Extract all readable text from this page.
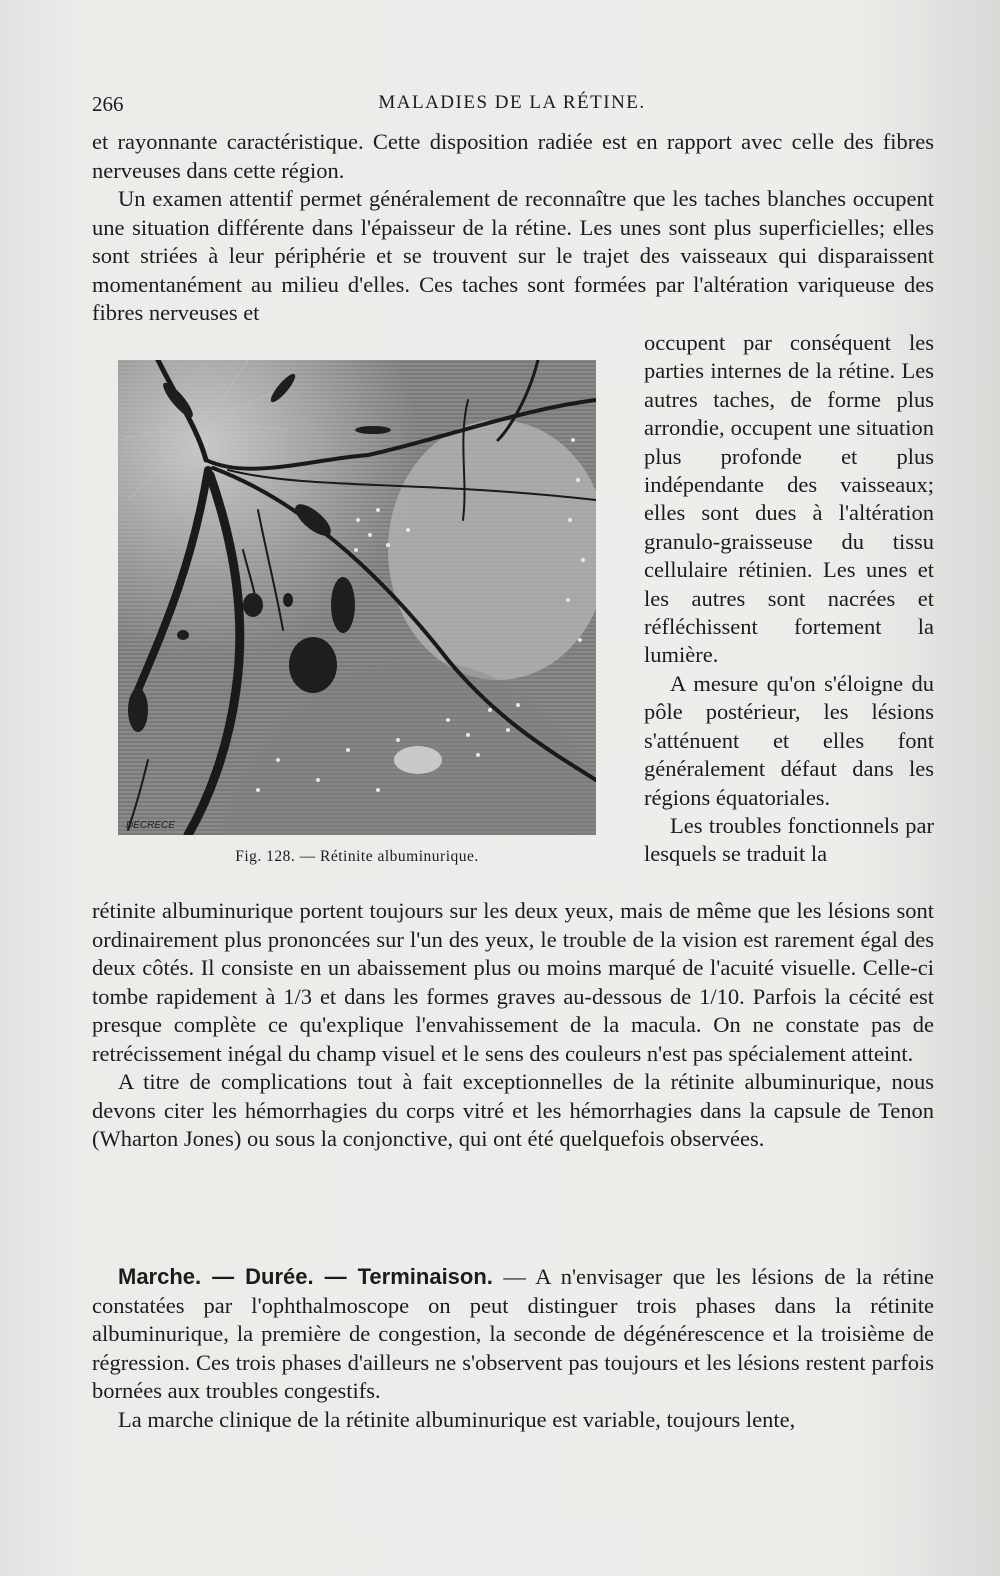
266	MALADIES DE LA RÉTINE.

et rayonnante caractéristique. Cette disposition radiée est en rapport avec celle des fibres nerveuses dans cette région.

Un examen attentif permet généralement de reconnaître que les taches blanches occupent une situation différente dans l'épaisseur de la rétine. Les unes sont plus superficielles; elles sont striées à leur périphérie et se trouvent sur le trajet des vaisseaux qui disparaissent momentanément au milieu d'elles. Ces taches sont formées par l'altération variqueuse des fibres nerveuses et

DECRECE
Fig. 128. — Rétinite albuminurique.

occupent par conséquent les parties internes de la rétine. Les autres taches, de forme plus arrondie, occupent une situation plus profonde et plus indépendante des vaisseaux; elles sont dues à l'altération granulo-graisseuse du tissu cellulaire rétinien. Les unes et les autres sont nacrées et réfléchissent fortement la lumière.

A mesure qu'on s'éloigne du pôle postérieur, les lésions s'atténuent et elles font généralement défaut dans les régions équatoriales.

Les troubles fonctionnels par lesquels se traduit la

rétinite albuminurique portent toujours sur les deux yeux, mais de même que les lésions sont ordinairement plus prononcées sur l'un des yeux, le trouble de la vision est rarement égal des deux côtés. Il consiste en un abaissement plus ou moins marqué de l'acuité visuelle. Celle-ci tombe rapidement à 1/3 et dans les formes graves au-dessous de 1/10. Parfois la cécité est presque complète ce qu'explique l'envahissement de la macula. On ne constate pas de retrécissement inégal du champ visuel et le sens des couleurs n'est pas spécialement atteint.

A titre de complications tout à fait exceptionnelles de la rétinite albuminurique, nous devons citer les hémorrhagies du corps vitré et les hémorrhagies dans la capsule de Tenon (Wharton Jones) ou sous la conjonctive, qui ont été quelquefois observées.

Marche. — Durée. — Terminaison. — A n'envisager que les lésions de la rétine constatées par l'ophthalmoscope on peut distinguer trois phases dans la rétinite albuminurique, la première de congestion, la seconde de dégénérescence et la troisième de régression. Ces trois phases d'ailleurs ne s'observent pas toujours et les lésions restent parfois bornées aux troubles congestifs.

La marche clinique de la rétinite albuminurique est variable, toujours lente,
